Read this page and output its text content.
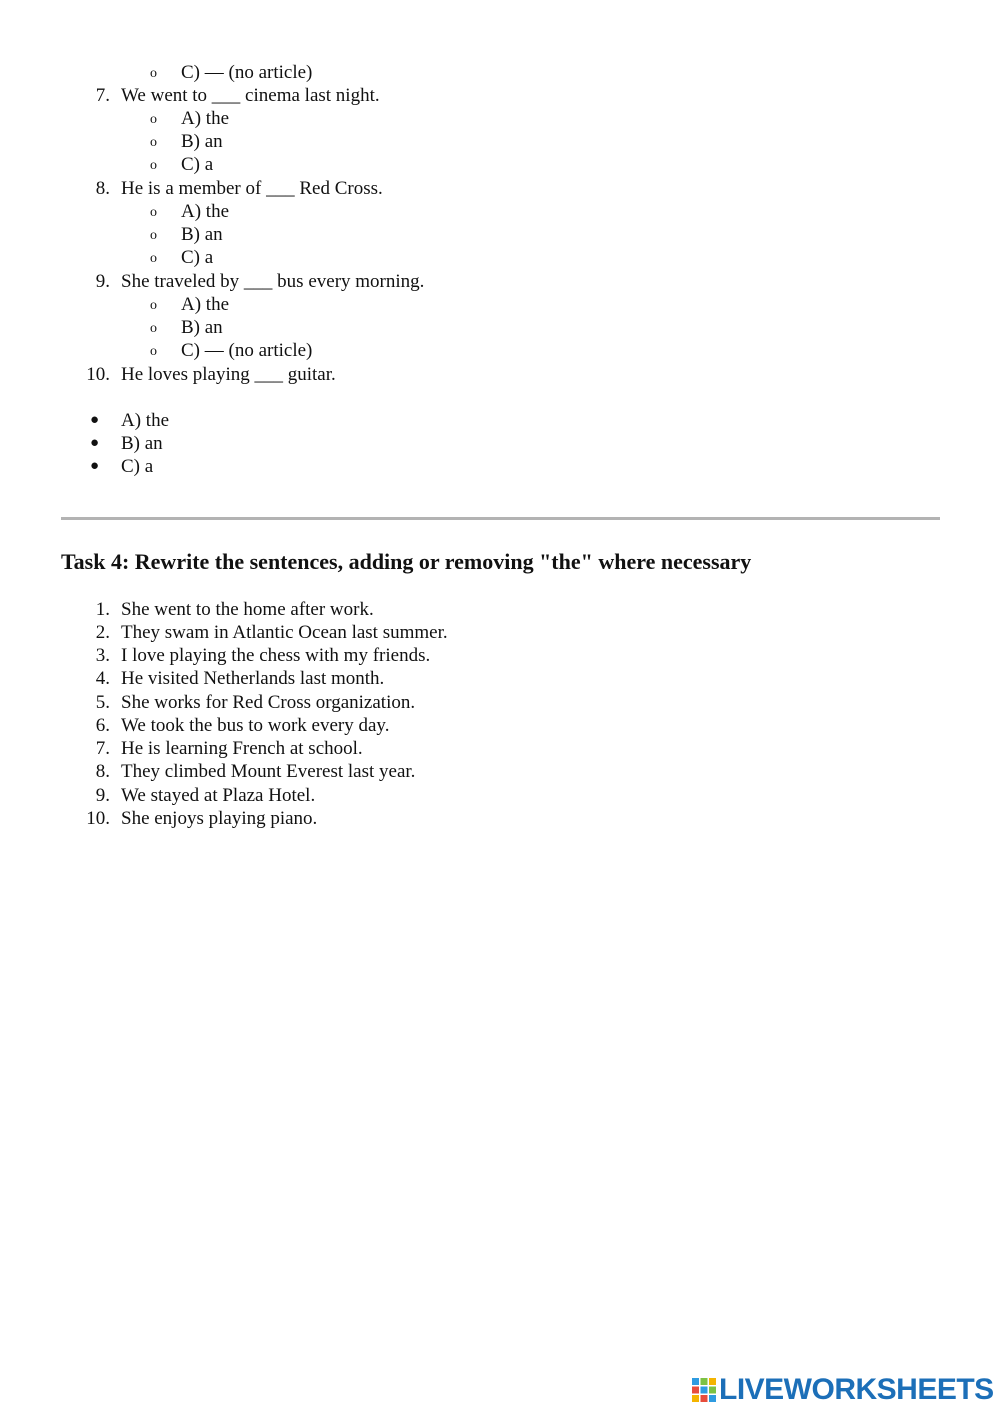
o C) — (no article)
7. We went to ___ cinema last night.
o A) the
o B) an
o C) a
8. He is a member of ___ Red Cross.
o A) the
o B) an
o C) a
9. She traveled by ___ bus every morning.
o A) the
o B) an
o C) — (no article)
10. He loves playing ___ guitar.
● A) the
● B) an
● C) a
Task 4: Rewrite the sentences, adding or removing "the" where necessary
1. She went to the home after work.
2. They swam in Atlantic Ocean last summer.
3. I love playing the chess with my friends.
4. He visited Netherlands last month.
5. She works for Red Cross organization.
6. We took the bus to work every day.
7. He is learning French at school.
8. They climbed Mount Everest last year.
9. We stayed at Plaza Hotel.
10. She enjoys playing piano.
LIVEWORKSHEETS
